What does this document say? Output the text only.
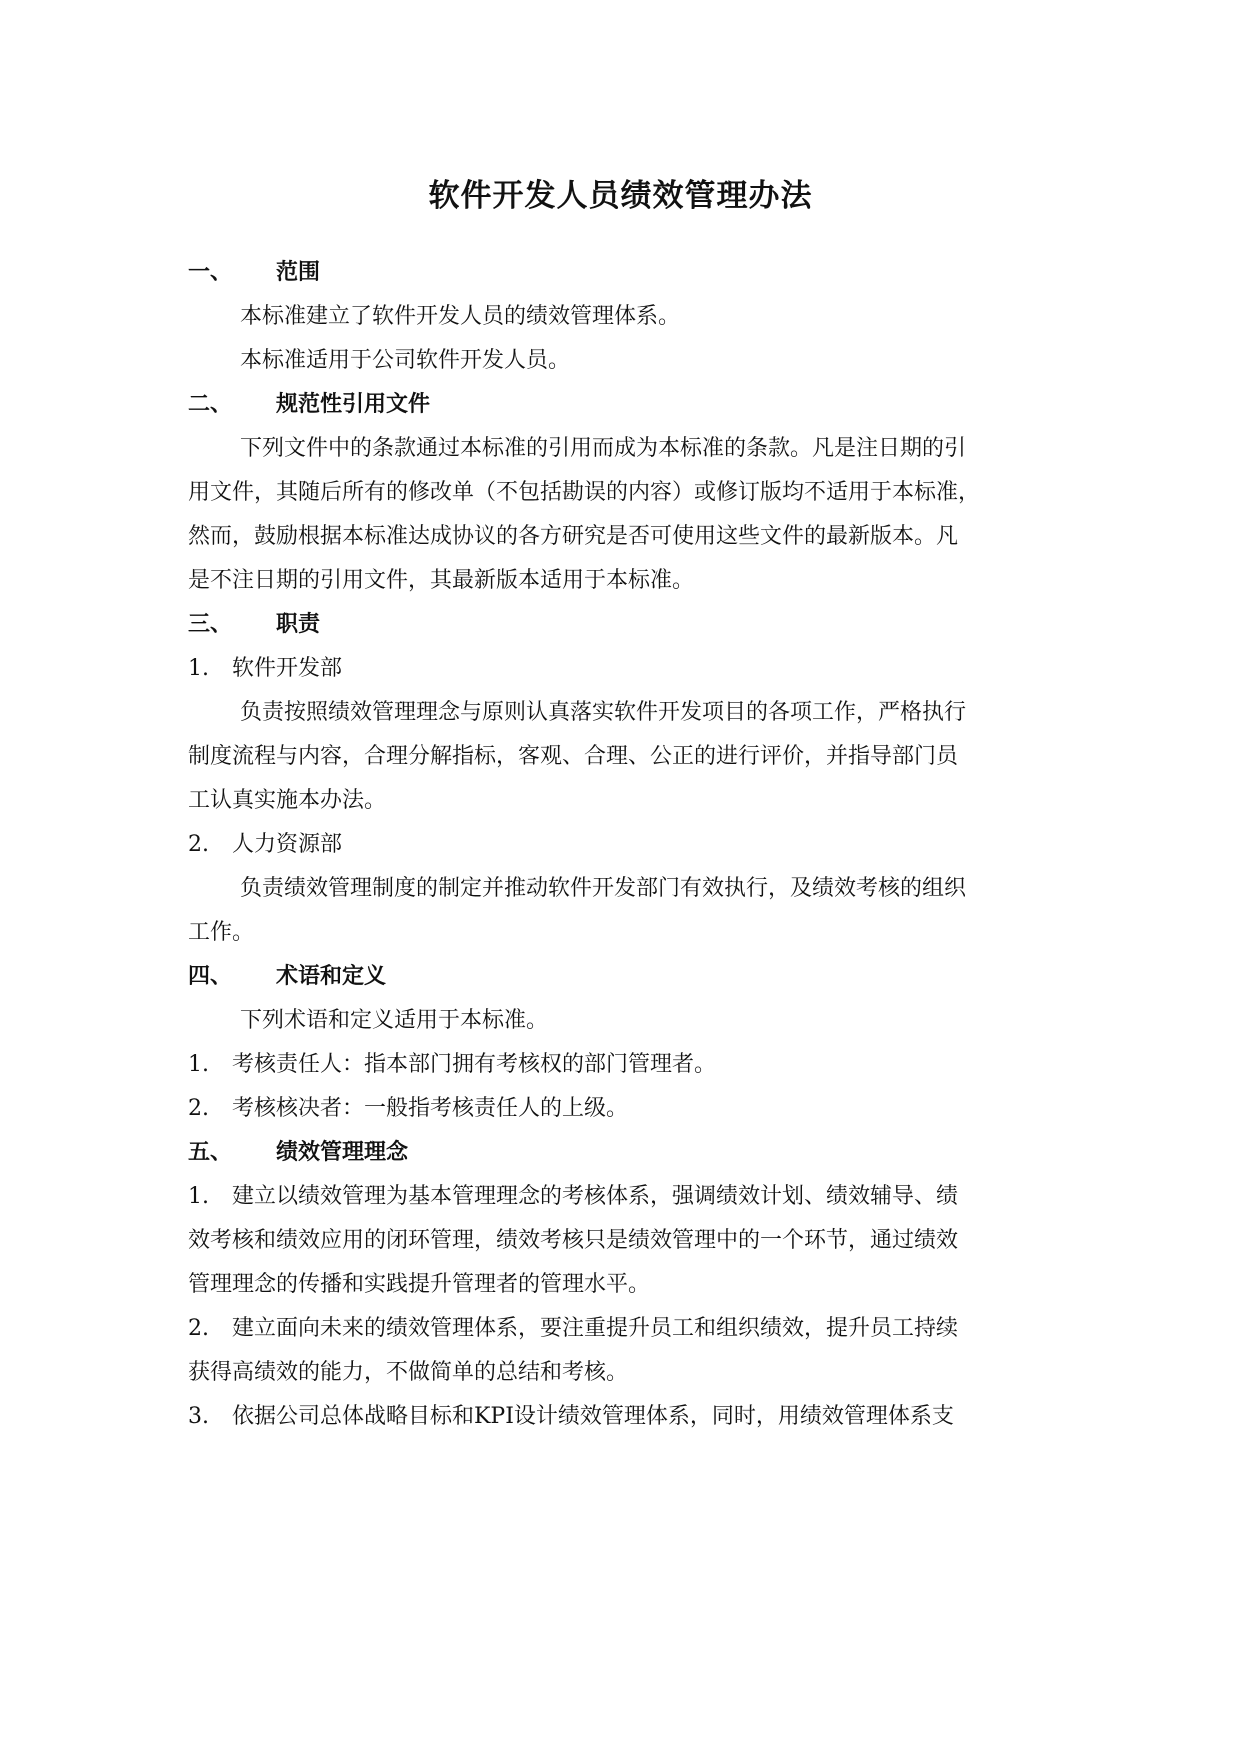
软件开发人员绩效管理办法
一、 范围
本标准建立了软件开发人员的绩效管理体系。
本标准适用于公司软件开发人员。
二、 规范性引用文件
下列文件中的条款通过本标准的引用而成为本标准的条款。凡是注日期的引
用文件，其随后所有的修改单（不包括勘误的内容）或修订版均不适用于本标准，
然而，鼓励根据本标准达成协议的各方研究是否可使用这些文件的最新版本。凡
是不注日期的引用文件，其最新版本适用于本标准。
三、 职责
1. 软件开发部
负责按照绩效管理理念与原则认真落实软件开发项目的各项工作，严格执行
制度流程与内容，合理分解指标，客观、合理、公正的进行评价，并指导部门员
工认真实施本办法。
2. 人力资源部
负责绩效管理制度的制定并推动软件开发部门有效执行，及绩效考核的组织
工作。
四、 术语和定义
下列术语和定义适用于本标准。
1. 考核责任人：指本部门拥有考核权的部门管理者。
2. 考核核决者：一般指考核责任人的上级。
五、 绩效管理理念
1. 建立以绩效管理为基本管理理念的考核体系，强调绩效计划、绩效辅导、绩
效考核和绩效应用的闭环管理，绩效考核只是绩效管理中的一个环节，通过绩效
管理理念的传播和实践提升管理者的管理水平。
2. 建立面向未来的绩效管理体系，要注重提升员工和组织绩效，提升员工持续
获得高绩效的能力，不做简单的总结和考核。
3. 依据公司总体战略目标和KPI设计绩效管理体系，同时，用绩效管理体系支
